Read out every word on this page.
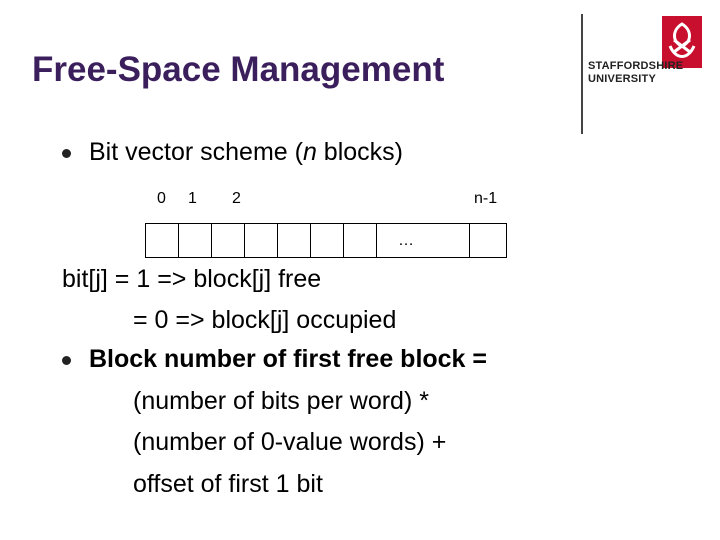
Free-Space Management	STAFFORDSHIRE
UNIVERSITY
Bit vector scheme (n blocks)
0 1 2	n-1
…
bit[j] = 1 => block[j] free
= 0 => block[j] occupied
Block number of first free block =
(number of bits per word) *
(number of 0-value words) +
offset of first 1 bit
